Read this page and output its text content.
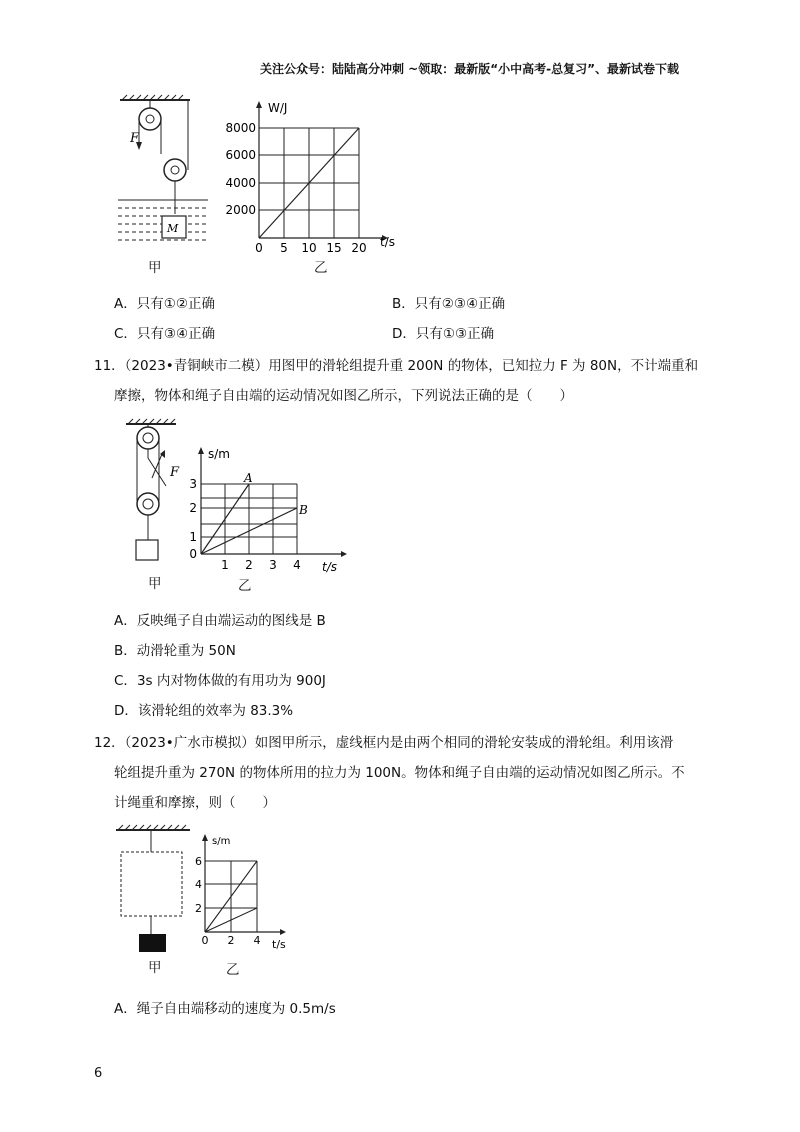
关注公众号：陆陆高分冲刺 ~领取：最新版“小中高考-总复习”、最新试卷下载
F
M
甲
W/J
t/s
2000
4000
6000
8000
0 5 10 15 20
乙
A．只有①②正确	B．只有②③④正确
C．只有③④正确	D．只有①③正确
11．（2023•青铜峡市二模）用图甲的滑轮组提升重 200N 的物体，已知拉力 F 为 80N，不计端重和
摩擦，物体和绳子自由端的运动情况如图乙所示，下列说法正确的是（　　）
F
甲
s/m
t/s
A
B
0
1
2
3
1 2 3 4
乙
A．反映绳子自由端运动的图线是 B
B．动滑轮重为 50N
C．3s 内对物体做的有用功为 900J
D．该滑轮组的效率为 83.3%
12．（2023•广水市模拟）如图甲所示，虚线框内是由两个相同的滑轮安装成的滑轮组。利用该滑
轮组提升重为 270N 的物体所用的拉力为 100N。物体和绳子自由端的运动情况如图乙所示。不
计绳重和摩擦，则（　　）
甲
s/m
t/s
2
4
6
0 2 4
乙
A．绳子自由端移动的速度为 0.5m/s
6
